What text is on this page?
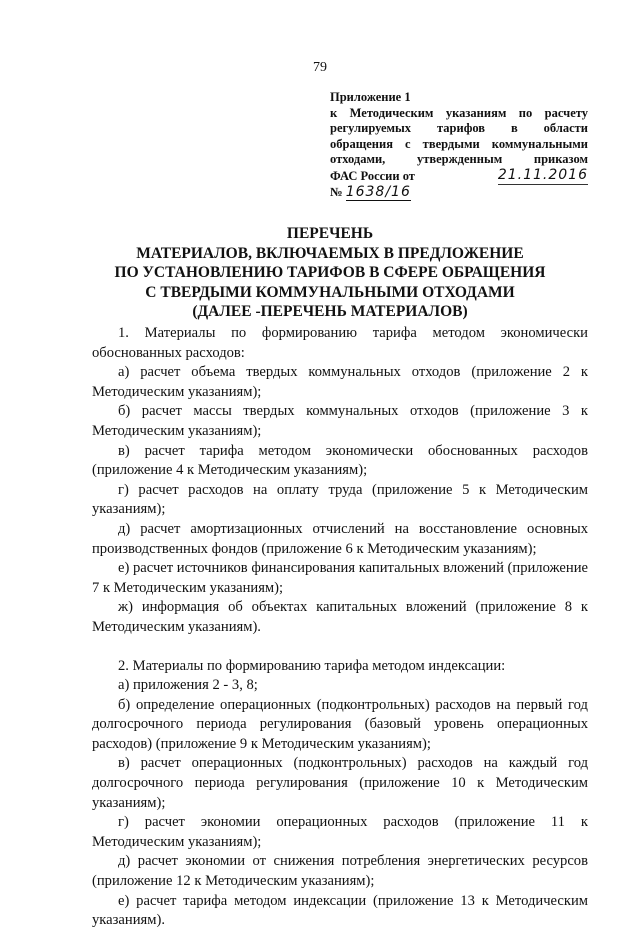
79
Приложение 1
к Методическим указаниям по расчету
регулируемых тарифов в области
обращения с твердыми коммунальными
отходами, утвержденным приказом
ФАС России от	21.11.2016
№ 1638/16
ПЕРЕЧЕНЬ
МАТЕРИАЛОВ, ВКЛЮЧАЕМЫХ В ПРЕДЛОЖЕНИЕ
ПО УСТАНОВЛЕНИЮ ТАРИФОВ В СФЕРЕ ОБРАЩЕНИЯ
С ТВЕРДЫМИ КОММУНАЛЬНЫМИ ОТХОДАМИ
(ДАЛЕЕ -ПЕРЕЧЕНЬ МАТЕРИАЛОВ)

1. Материалы по формированию тарифа методом экономически обоснованных расходов:

а) расчет объема твердых коммунальных отходов (приложение 2 к Методическим указаниям);

б) расчет массы твердых коммунальных отходов (приложение 3 к Методическим указаниям);

в) расчет тарифа методом экономически обоснованных расходов (приложение 4 к Методическим указаниям);

г) расчет расходов на оплату труда (приложение 5 к Методическим указаниям);

д) расчет амортизационных отчислений на восстановление основных производственных фондов (приложение 6 к Методическим указаниям);

е) расчет источников финансирования капитальных вложений (приложение 7 к Методическим указаниям);

ж) информация об объектах капитальных вложений (приложение 8 к Методическим указаниям).

2. Материалы по формированию тарифа методом индексации:

а) приложения 2 - 3, 8;

б) определение операционных (подконтрольных) расходов на первый год долгосрочного периода регулирования (базовый уровень операционных расходов) (приложение 9 к Методическим указаниям);

в) расчет операционных (подконтрольных) расходов на каждый год долгосрочного периода регулирования (приложение 10 к Методическим указаниям);

г) расчет экономии операционных расходов (приложение 11 к Методическим указаниям);

д) расчет экономии от снижения потребления энергетических ресурсов (приложение 12 к Методическим указаниям);

е) расчет тарифа методом индексации (приложение 13 к Методическим указаниям).
